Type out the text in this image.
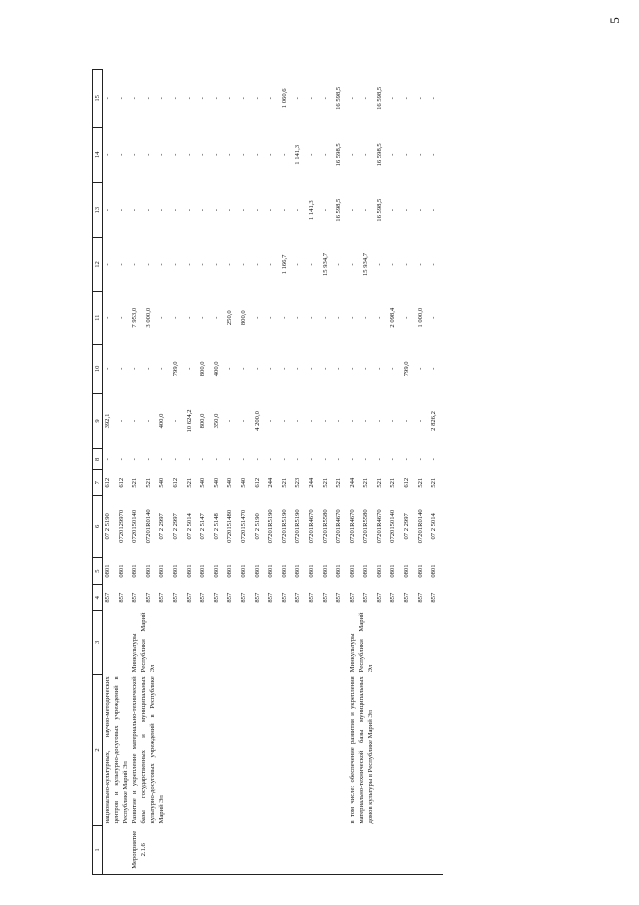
5
1	2	3	4	5	6	7	8	9	10	11	12	13	14	15
	национально-культурных, научно-методических центров и культурно-досуговых учреждений в Республике Марий Эл		857	0801	07 2 5190	612	-	392,1	-	-	-	-	-	-
			857	0801	0720129970	612	-	-	-	-	-	-	-	-
Мероприятие 2.1.6	Развитие и укрепление материально-технической базы государственных и муниципальных культурно-досуговых учреждений в Республике Марий Эл	Минкультуры Республики Марий Эл	857	0801	0720150140	521	-	-	-	7 953,0	-	-	-	-
			857	0801	07201R0140	521	-	-	-	3 000,0	-	-	-	-
			857	0801	07 2 2997	540	-	400,0	-	-	-	-	-	-
			857	0801	07 2 2997	612	-	-	799,0	-	-	-	-	-
			857	0801	07 2 5014	521	-	10 624,2	-	-	-	-	-	-
			857	0801	07 2 5147	540	-	800,0	800,0	-	-	-	-	-
			857	0801	07 2 5148	540	-	350,0	400,0	-	-	-	-	-
			857	0801	0720151480	540	-	-	-	250,0	-	-	-	-
			857	0801	0720151470	540	-	-	-	800,0	-	-	-	-
			857	0801	07 2 5190	612	-	4 200,0	-	-	-	-	-	-
			857	0801	07201R5190	244	-	-	-	-	-	-	-	-
			857	0801	07201R5190	521	-	-	-	-	1 166,7	-	-	1 060,6
			857	0801	07201R5190	523	-	-	-	-	-	-	1 141,3	-
			857	0801	07201R4670	244	-	-	-	-	-	1 141,3	-	-
			857	0801	07201R5580	521	-	-	-	-	15 934,7	-	-	-
			857	0801	07201R4670	521	-	-	-	-	-	16 598,5	16 598,5	16 598,5
	в том числе: обеспечение развития и укрепления материально-технической базы муниципальных домов культуры в Республике Марий Эл	Минкультуры Республики Марий Эл	857	0801	07201R4670	244	-	-	-	-	-	-	-	-
			857	0801	07201R5580	521	-	-	-	-	15 934,7	-	-	-
			857	0801	07201R4670	521	-	-	-	-	-	16 598,5	16 598,5	16 598,5
			857	0801	0720150140	521	-	-	-	2 098,4	-	-	-	-
			857	0801	07 2 2997	612	-	-	799,0	-	-	-	-	-
			857	0801	07201R0140	521	-	-	-	1 000,0	-	-	-	-
			857	0801	07 2 5014	521	-	2 826,2	-	-	-	-	-	-
